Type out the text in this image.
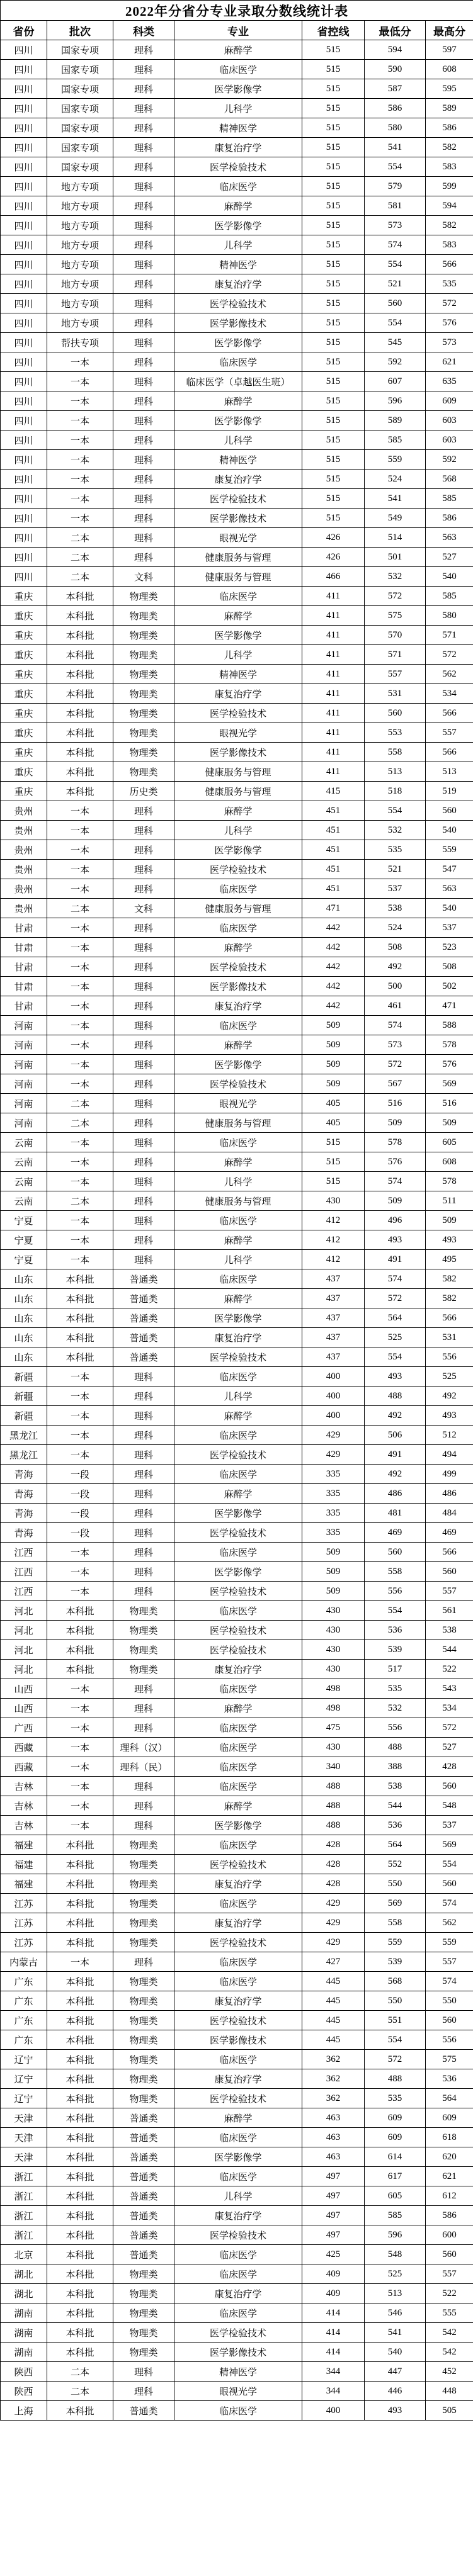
2022年分省分专业录取分数线统计表						
省份	批次	科类	专业	省控线	最低分	最高分
四川	国家专项	理科	麻醉学	515	594	597
四川	国家专项	理科	临床医学	515	590	608
四川	国家专项	理科	医学影像学	515	587	595
四川	国家专项	理科	儿科学	515	586	589
四川	国家专项	理科	精神医学	515	580	586
四川	国家专项	理科	康复治疗学	515	541	582
四川	国家专项	理科	医学检验技术	515	554	583
四川	地方专项	理科	临床医学	515	579	599
四川	地方专项	理科	麻醉学	515	581	594
四川	地方专项	理科	医学影像学	515	573	582
四川	地方专项	理科	儿科学	515	574	583
四川	地方专项	理科	精神医学	515	554	566
四川	地方专项	理科	康复治疗学	515	521	535
四川	地方专项	理科	医学检验技术	515	560	572
四川	地方专项	理科	医学影像技术	515	554	576
四川	帮扶专项	理科	医学影像学	515	545	573
四川	一本	理科	临床医学	515	592	621
四川	一本	理科	临床医学（卓越医生班）	515	607	635
四川	一本	理科	麻醉学	515	596	609
四川	一本	理科	医学影像学	515	589	603
四川	一本	理科	儿科学	515	585	603
四川	一本	理科	精神医学	515	559	592
四川	一本	理科	康复治疗学	515	524	568
四川	一本	理科	医学检验技术	515	541	585
四川	一本	理科	医学影像技术	515	549	586
四川	二本	理科	眼视光学	426	514	563
四川	二本	理科	健康服务与管理	426	501	527
四川	二本	文科	健康服务与管理	466	532	540
重庆	本科批	物理类	临床医学	411	572	585
重庆	本科批	物理类	麻醉学	411	575	580
重庆	本科批	物理类	医学影像学	411	570	571
重庆	本科批	物理类	儿科学	411	571	572
重庆	本科批	物理类	精神医学	411	557	562
重庆	本科批	物理类	康复治疗学	411	531	534
重庆	本科批	物理类	医学检验技术	411	560	566
重庆	本科批	物理类	眼视光学	411	553	557
重庆	本科批	物理类	医学影像技术	411	558	566
重庆	本科批	物理类	健康服务与管理	411	513	513
重庆	本科批	历史类	健康服务与管理	415	518	519
贵州	一本	理科	麻醉学	451	554	560
贵州	一本	理科	儿科学	451	532	540
贵州	一本	理科	医学影像学	451	535	559
贵州	一本	理科	医学检验技术	451	521	547
贵州	一本	理科	临床医学	451	537	563
贵州	二本	文科	健康服务与管理	471	538	540
甘肃	一本	理科	临床医学	442	524	537
甘肃	一本	理科	麻醉学	442	508	523
甘肃	一本	理科	医学检验技术	442	492	508
甘肃	一本	理科	医学影像技术	442	500	502
甘肃	一本	理科	康复治疗学	442	461	471
河南	一本	理科	临床医学	509	574	588
河南	一本	理科	麻醉学	509	573	578
河南	一本	理科	医学影像学	509	572	576
河南	一本	理科	医学检验技术	509	567	569
河南	二本	理科	眼视光学	405	516	516
河南	二本	理科	健康服务与管理	405	509	509
云南	一本	理科	临床医学	515	578	605
云南	一本	理科	麻醉学	515	576	608
云南	一本	理科	儿科学	515	574	578
云南	二本	理科	健康服务与管理	430	509	511
宁夏	一本	理科	临床医学	412	496	509
宁夏	一本	理科	麻醉学	412	493	493
宁夏	一本	理科	儿科学	412	491	495
山东	本科批	普通类	临床医学	437	574	582
山东	本科批	普通类	麻醉学	437	572	582
山东	本科批	普通类	医学影像学	437	564	566
山东	本科批	普通类	康复治疗学	437	525	531
山东	本科批	普通类	医学检验技术	437	554	556
新疆	一本	理科	临床医学	400	493	525
新疆	一本	理科	儿科学	400	488	492
新疆	一本	理科	麻醉学	400	492	493
黑龙江	一本	理科	临床医学	429	506	512
黑龙江	一本	理科	医学检验技术	429	491	494
青海	一段	理科	临床医学	335	492	499
青海	一段	理科	麻醉学	335	486	486
青海	一段	理科	医学影像学	335	481	484
青海	一段	理科	医学检验技术	335	469	469
江西	一本	理科	临床医学	509	560	566
江西	一本	理科	医学影像学	509	558	560
江西	一本	理科	医学检验技术	509	556	557
河北	本科批	物理类	临床医学	430	554	561
河北	本科批	物理类	医学检验技术	430	536	538
河北	本科批	物理类	医学检验技术	430	539	544
河北	本科批	物理类	康复治疗学	430	517	522
山西	一本	理科	临床医学	498	535	543
山西	一本	理科	麻醉学	498	532	534
广西	一本	理科	临床医学	475	556	572
西藏	一本	理科（汉）	临床医学	430	488	527
西藏	一本	理科（民）	临床医学	340	388	428
吉林	一本	理科	临床医学	488	538	560
吉林	一本	理科	麻醉学	488	544	548
吉林	一本	理科	医学影像学	488	536	537
福建	本科批	物理类	临床医学	428	564	569
福建	本科批	物理类	医学检验技术	428	552	554
福建	本科批	物理类	康复治疗学	428	550	560
江苏	本科批	物理类	临床医学	429	569	574
江苏	本科批	物理类	康复治疗学	429	558	562
江苏	本科批	物理类	医学检验技术	429	559	559
内蒙古	一本	理科	临床医学	427	539	557
广东	本科批	物理类	临床医学	445	568	574
广东	本科批	物理类	康复治疗学	445	550	550
广东	本科批	物理类	医学检验技术	445	551	560
广东	本科批	物理类	医学影像技术	445	554	556
辽宁	本科批	物理类	临床医学	362	572	575
辽宁	本科批	物理类	康复治疗学	362	488	536
辽宁	本科批	物理类	医学检验技术	362	535	564
天津	本科批	普通类	麻醉学	463	609	609
天津	本科批	普通类	临床医学	463	609	618
天津	本科批	普通类	医学影像学	463	614	620
浙江	本科批	普通类	临床医学	497	617	621
浙江	本科批	普通类	儿科学	497	605	612
浙江	本科批	普通类	康复治疗学	497	585	586
浙江	本科批	普通类	医学检验技术	497	596	600
北京	本科批	普通类	临床医学	425	548	560
湖北	本科批	物理类	临床医学	409	525	557
湖北	本科批	物理类	康复治疗学	409	513	522
湖南	本科批	物理类	临床医学	414	546	555
湖南	本科批	物理类	医学检验技术	414	541	542
湖南	本科批	物理类	医学影像技术	414	540	542
陕西	二本	理科	精神医学	344	447	452
陕西	二本	理科	眼视光学	344	446	448
上海	本科批	普通类	临床医学	400	493	505
